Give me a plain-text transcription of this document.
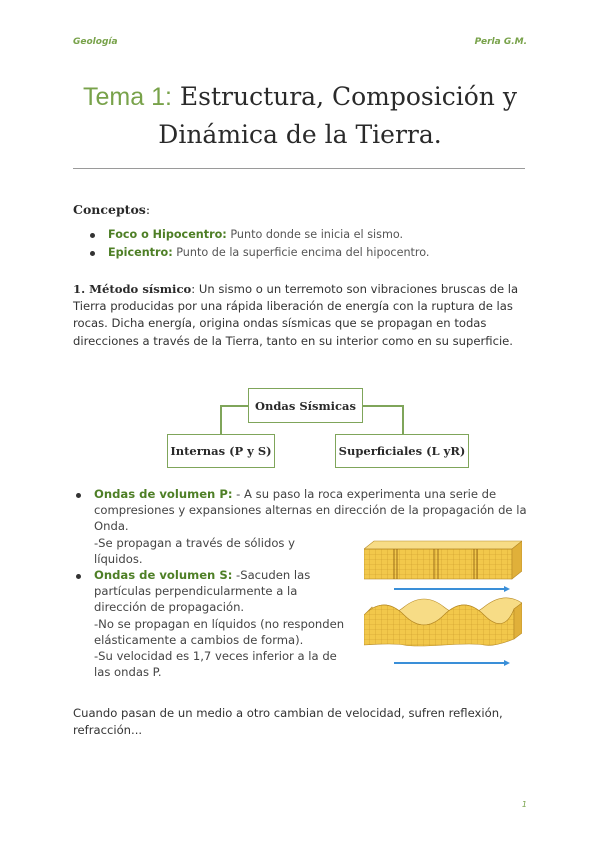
Geología	Perla G.M.
Tema 1: Estructura, Composición y
Dinámica de la Tierra.
Conceptos:
Foco o Hipocentro: Punto donde se inicia el sismo.
Epicentro: Punto de la superficie encima del hipocentro.

1. Método sísmico: Un sismo o un terremoto son vibraciones bruscas de la Tierra producidas por una rápida liberación de energía con la ruptura de las rocas. Dicha energía, origina ondas sísmicas que se propagan en todas direcciones a través de la Tierra, tanto en su interior como en su superficie.

Ondas Sísmicas
Internas (P y S)	Superficiales (L yR)
Ondas de volumen P: - A su paso la roca experimenta una serie de compresiones y expansiones alternas en dirección de la propagación de la Onda.
-Se propagan a través de sólidos y líquidos.
Ondas de volumen S: -Sacuden las partículas perpendicularmente a la dirección de propagación.
-No se propagan en líquidos (no responden elásticamente a cambios de forma).
-Su velocidad es 1,7 veces inferior a la de las ondas P.

Cuando pasan de un medio a otro cambian de velocidad, sufren reflexión, refracción...

1
